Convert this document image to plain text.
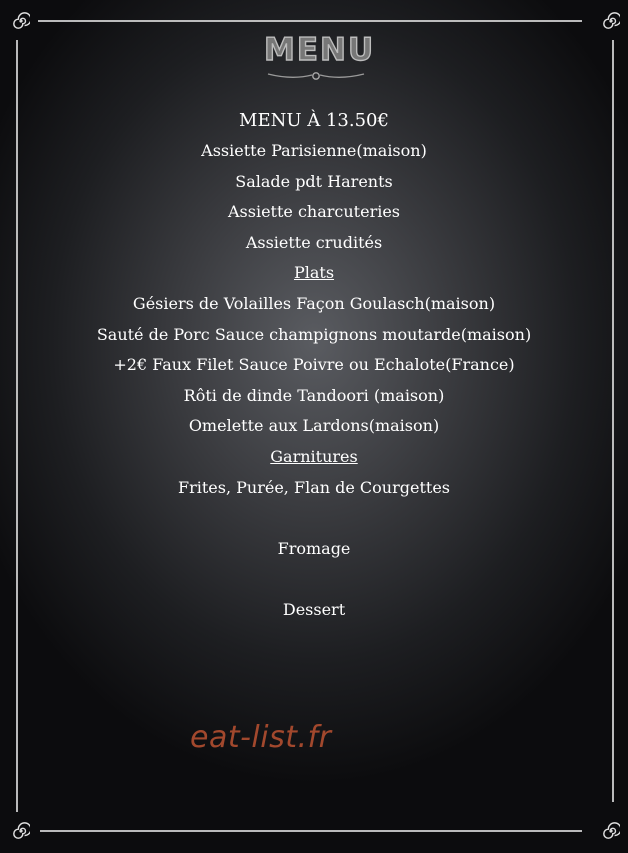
MENU
MENU À 13.50€
Assiette Parisienne(maison)
Salade pdt Harents
Assiette charcuteries
Assiette crudités
Plats
Gésiers de Volailles Façon Goulasch(maison)
Sauté de Porc Sauce champignons moutarde(maison)
+2€ Faux Filet Sauce Poivre ou Echalote(France)
Rôti de dinde Tandoori (maison)
Omelette aux Lardons(maison)
Garnitures
Frites, Purée, Flan de Courgettes
Fromage
Dessert
eat-list.fr
